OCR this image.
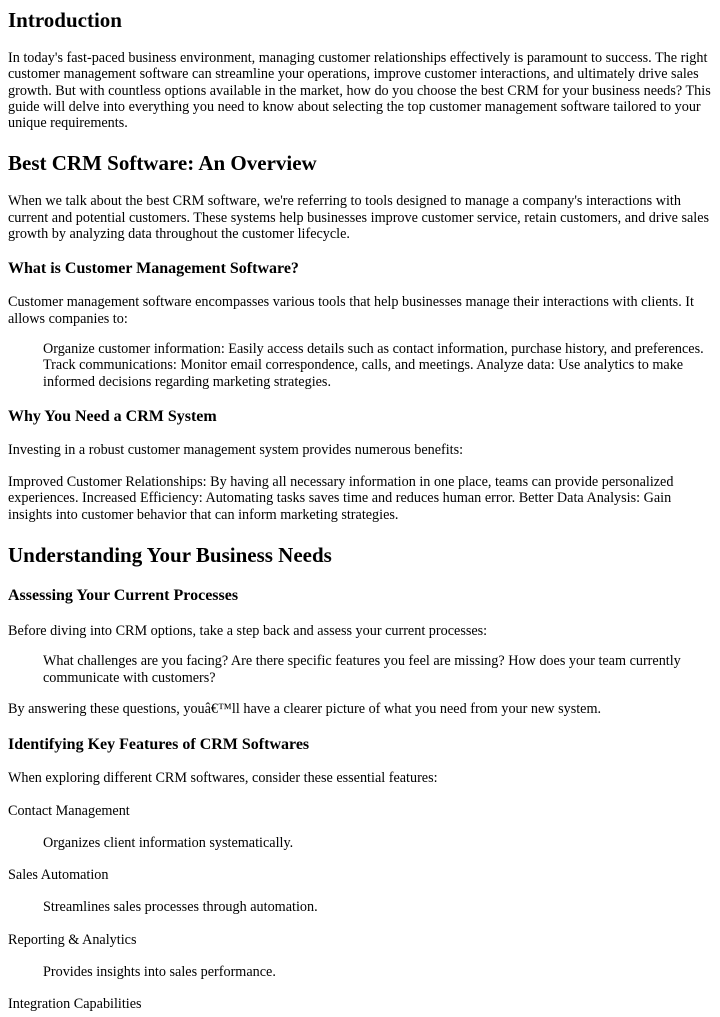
Introduction

In today's fast-paced business environment, managing customer relationships effectively is paramount to success. The right customer management software can streamline your operations, improve customer interactions, and ultimately drive sales growth. But with countless options available in the market, how do you choose the best CRM for your business needs? This guide will delve into everything you need to know about selecting the top customer management software tailored to your unique requirements.

Best CRM Software: An Overview

When we talk about the best CRM software, we're referring to tools designed to manage a company's interactions with current and potential customers. These systems help businesses improve customer service, retain customers, and drive sales growth by analyzing data throughout the customer lifecycle.

What is Customer Management Software?

Customer management software encompasses various tools that help businesses manage their interactions with clients. It allows companies to:

Organize customer information: Easily access details such as contact information, purchase history, and preferences. Track communications: Monitor email correspondence, calls, and meetings. Analyze data: Use analytics to make informed decisions regarding marketing strategies.
Why You Need a CRM System

Investing in a robust customer management system provides numerous benefits:

Improved Customer Relationships: By having all necessary information in one place, teams can provide personalized experiences. Increased Efficiency: Automating tasks saves time and reduces human error. Better Data Analysis: Gain insights into customer behavior that can inform marketing strategies.

Understanding Your Business Needs
Assessing Your Current Processes

Before diving into CRM options, take a step back and assess your current processes:

What challenges are you facing? Are there specific features you feel are missing? How does your team currently communicate with customers?

By answering these questions, youâ€™ll have a clearer picture of what you need from your new system.

Identifying Key Features of CRM Softwares

When exploring different CRM softwares, consider these essential features:

Contact Management

Organizes client information systematically.

Sales Automation

Streamlines sales processes through automation.

Reporting & Analytics

Provides insights into sales performance.

Integration Capabilities
